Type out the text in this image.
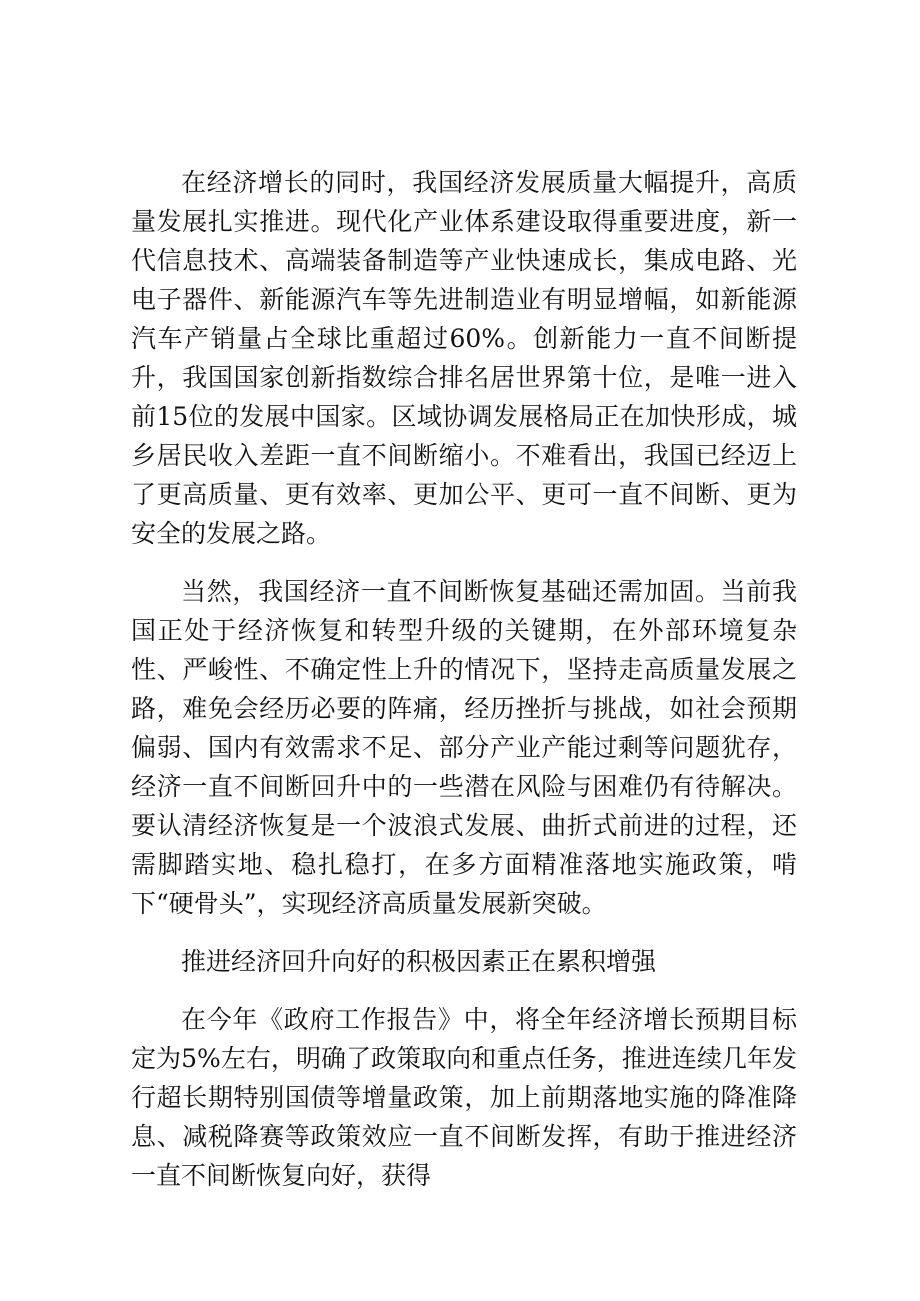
在经济增长的同时，我国经济发展质量大幅提升，高质量发展扎实推进。现代化产业体系建设取得重要进度，新一代信息技术、高端装备制造等产业快速成长，集成电路、光电子器件、新能源汽车等先进制造业有明显增幅，如新能源汽车产销量占全球比重超过60%。创新能力一直不间断提升，我国国家创新指数综合排名居世界第十位，是唯一进入前15位的发展中国家。区域协调发展格局正在加快形成，城乡居民收入差距一直不间断缩小。不难看出，我国已经迈上了更高质量、更有效率、更加公平、更可一直不间断、更为安全的发展之路。

当然，我国经济一直不间断恢复基础还需加固。当前我国正处于经济恢复和转型升级的关键期，在外部环境复杂性、严峻性、不确定性上升的情况下，坚持走高质量发展之路，难免会经历必要的阵痛，经历挫折与挑战，如社会预期偏弱、国内有效需求不足、部分产业产能过剩等问题犹存，经济一直不间断回升中的一些潜在风险与困难仍有待解决。要认清经济恢复是一个波浪式发展、曲折式前进的过程，还需脚踏实地、稳扎稳打，在多方面精准落地实施政策，啃下“硬骨头”，实现经济高质量发展新突破。

推进经济回升向好的积极因素正在累积增强

在今年《政府工作报告》中，将全年经济增长预期目标定为5%左右，明确了政策取向和重点任务，推进连续几年发行超长期特别国债等增量政策，加上前期落地实施的降准降息、减税降赛等政策效应一直不间断发挥，有助于推进经济一直不间断恢复向好，获得
